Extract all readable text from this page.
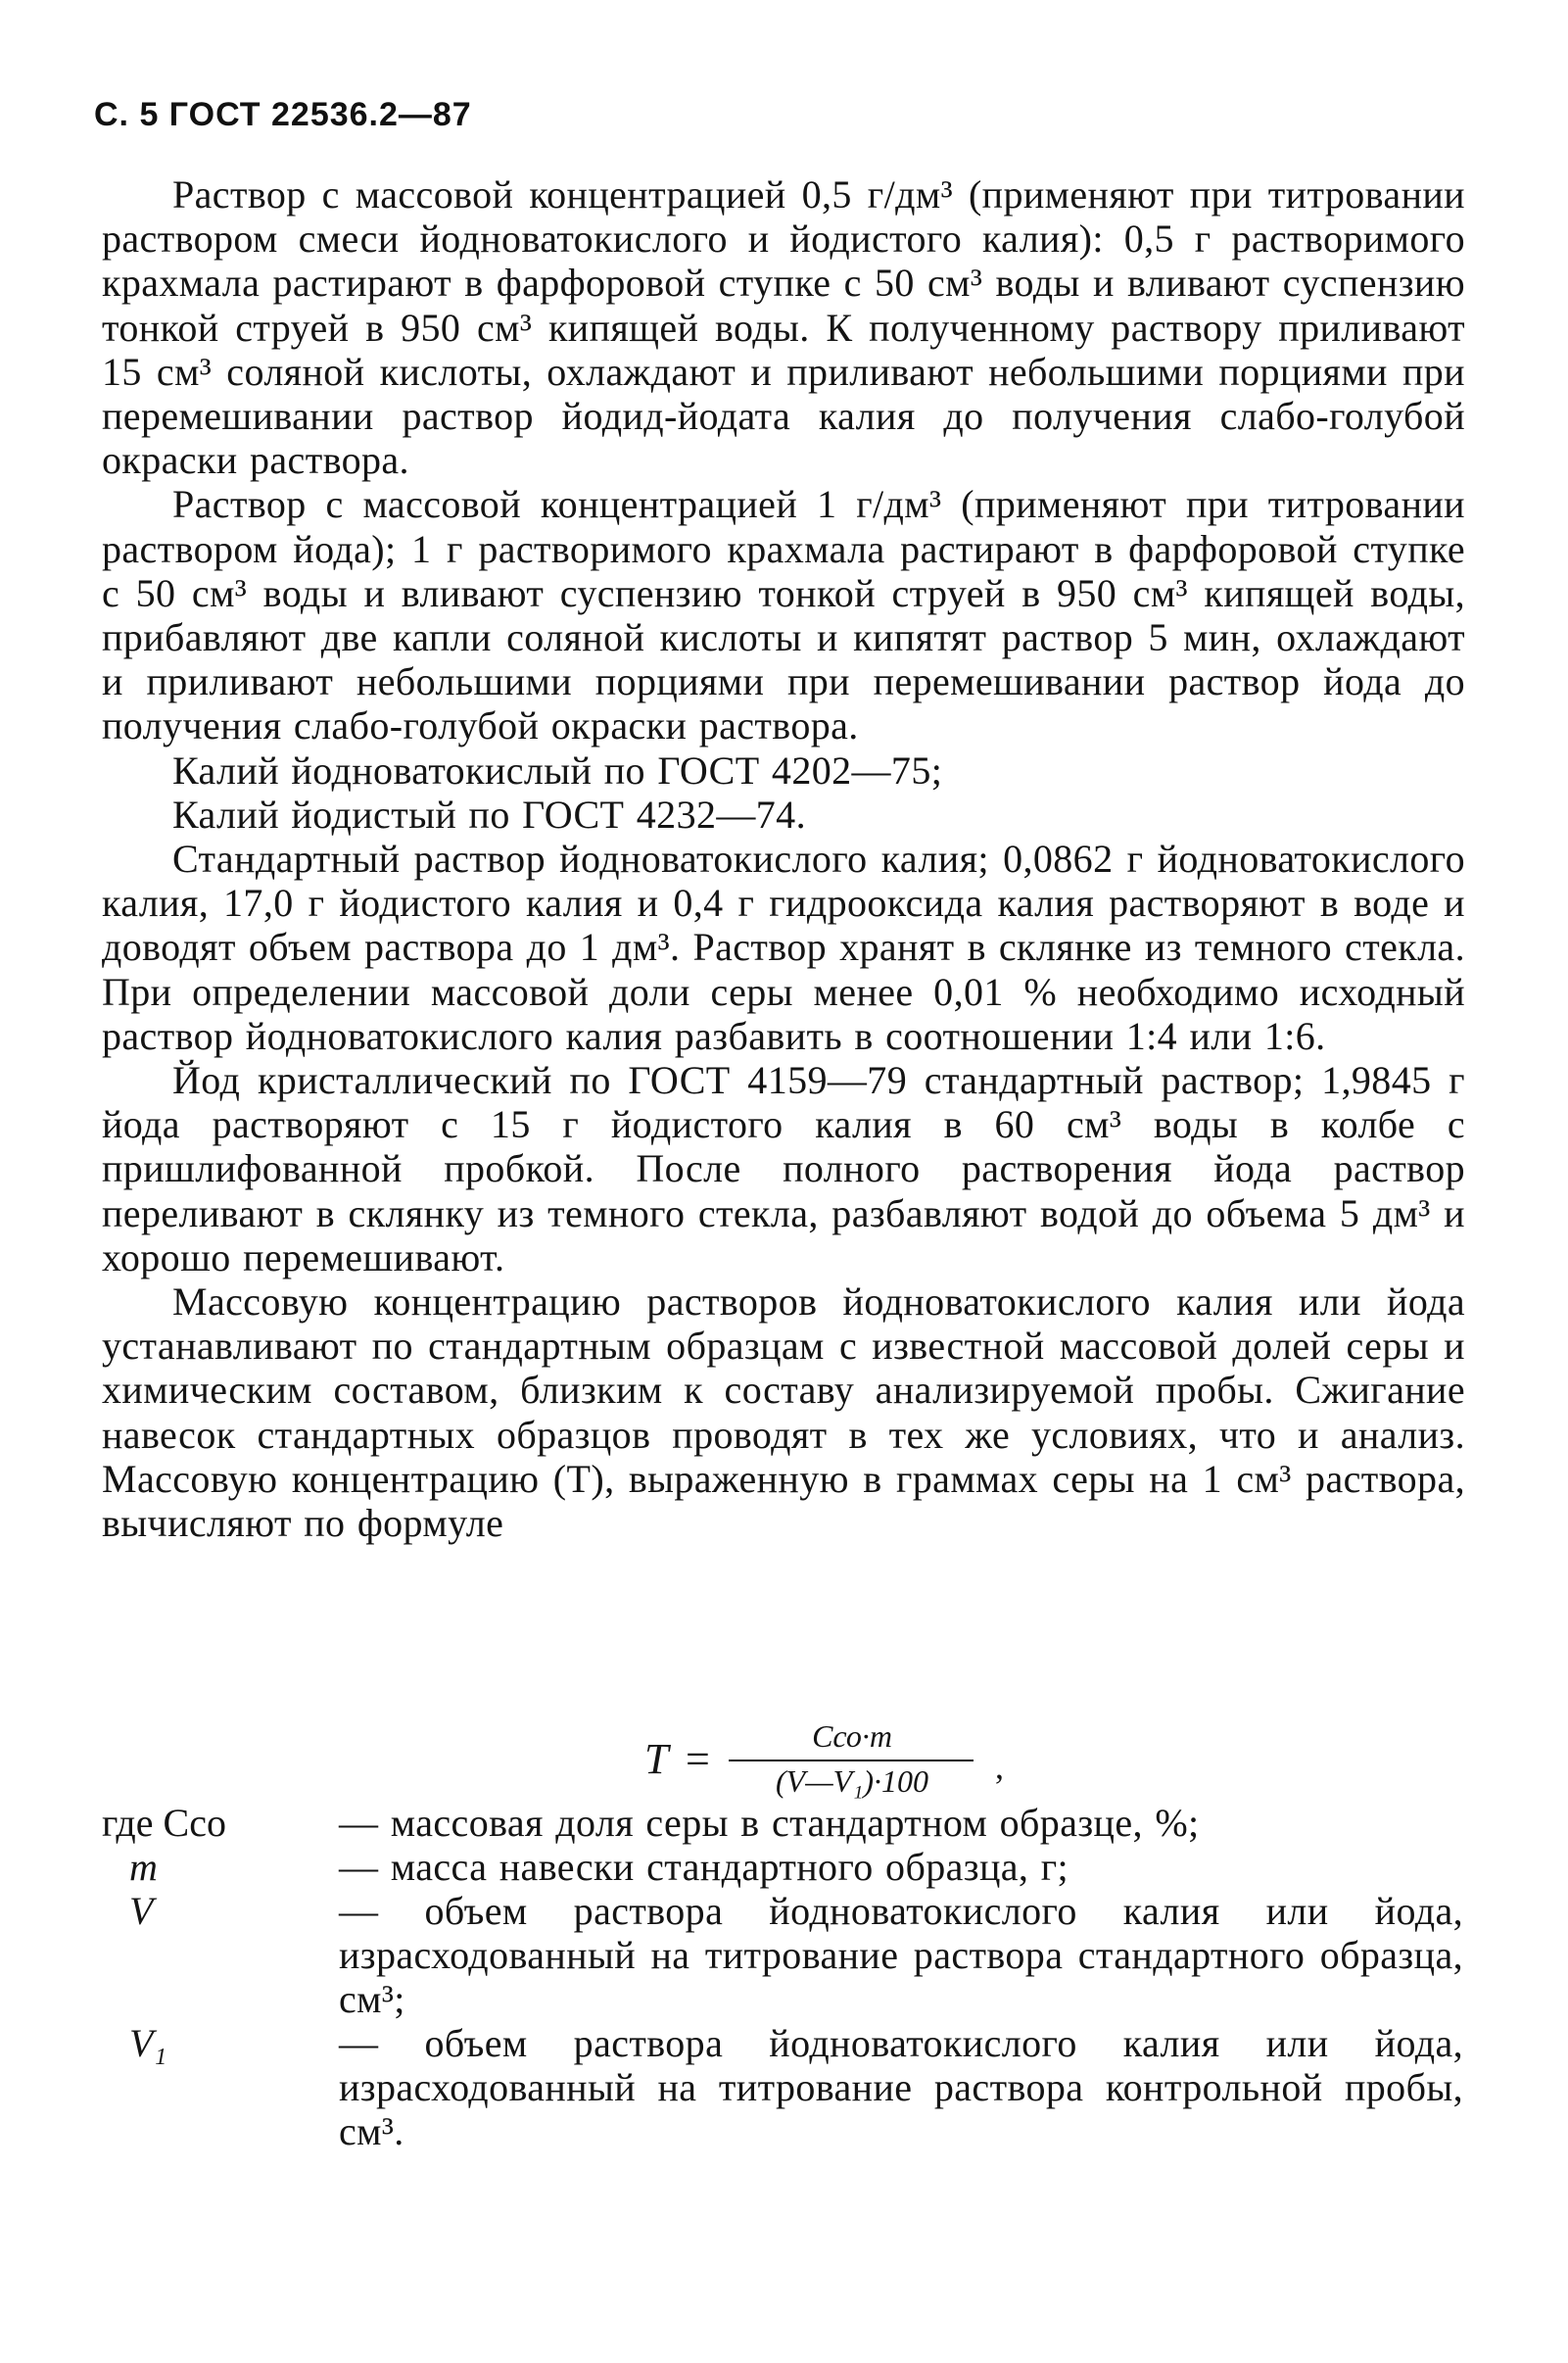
С. 5 ГОСТ 22536.2—87

Раствор с массовой концентрацией 0,5 г/дм³ (применяют при титровании раствором смеси йодноватокислого и йодистого калия): 0,5 г растворимого крахмала растирают в фарфоровой ступке с 50 см³ воды и вливают суспензию тонкой струей в 950 см³ кипящей воды. К полученному раствору приливают 15 см³ соляной кислоты, охлаждают и приливают небольшими порциями при перемешивании раствор йодид-йодата калия до получения слабо-голубой окраски раствора.

Раствор с массовой концентрацией 1 г/дм³ (применяют при титровании раствором йода); 1 г растворимого крахмала растирают в фарфоровой ступке с 50 см³ воды и вливают суспензию тонкой струей в 950 см³ кипящей воды, прибавляют две капли соляной кислоты и кипятят раствор 5 мин, охлаждают и приливают небольшими порциями при перемешивании раствор йода до получения слабо-голубой окраски раствора.

Калий йодноватокислый по ГОСТ 4202—75;

Калий йодистый по ГОСТ 4232—74.

Стандартный раствор йодноватокислого калия; 0,0862 г йодноватокислого калия, 17,0 г йодистого калия и 0,4 г гидрооксида калия растворяют в воде и доводят объем раствора до 1 дм³. Раствор хранят в склянке из темного стекла. При определении массовой доли серы менее 0,01 % необходимо исходный раствор йодноватокислого калия разбавить в соотношении 1:4 или 1:6.

Йод кристаллический по ГОСТ 4159—79 стандартный раствор; 1,9845 г йода растворяют с 15 г йодистого калия в 60 см³ воды в колбе с пришлифованной пробкой. После полного растворения йода раствор переливают в склянку из темного стекла, разбавляют водой до объема 5 дм³ и хорошо перемешивают.

Массовую концентрацию растворов йодноватокислого калия или йода устанавливают по стандартным образцам с известной массовой долей серы и химическим составом, близким к составу анализируемой пробы. Сжигание навесок стандартных образцов проводят в тех же условиях, что и анализ. Массовую концентрацию (T), выраженную в граммах серы на 1 см³ раствора, вычисляют по формуле

T =	Cсо·m
(V—V₁)·100	,
где Cсо	— массовая доля серы в стандартном образце, %;
m	— масса навески стандартного образца, г;
V	— объем раствора йодноватокислого калия или йода, израсходованный на титрование раствора стандартного образца, см³;
V₁	— объем раствора йодноватокислого калия или йода, израсходованный на титрование раствора контрольной пробы, см³.
